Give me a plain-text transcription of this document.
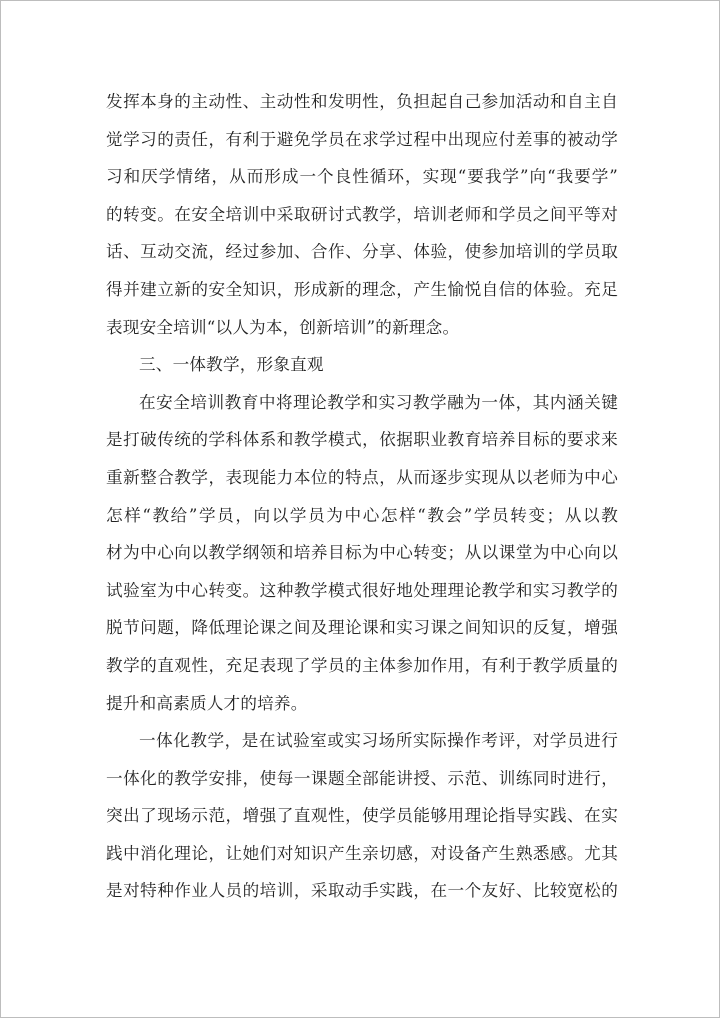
发挥本身的主动性、主动性和发明性，负担起自己参加活动和自主自
觉学习的责任，有利于避免学员在求学过程中出现应付差事的被动学
习和厌学情绪，从而形成一个良性循环，实现“要我学”向“我要学”
的转变。在安全培训中采取研讨式教学，培训老师和学员之间平等对
话、互动交流，经过参加、合作、分享、体验，使参加培训的学员取
得并建立新的安全知识，形成新的理念，产生愉悦自信的体验。充足
表现安全培训“以人为本，创新培训”的新理念。

三、一体教学，形象直观

在安全培训教育中将理论教学和实习教学融为一体，其内涵关键
是打破传统的学科体系和教学模式，依据职业教育培养目标的要求来
重新整合教学，表现能力本位的特点，从而逐步实现从以老师为中心
怎样“教给”学员，向以学员为中心怎样“教会”学员转变；从以教
材为中心向以教学纲领和培养目标为中心转变；从以课堂为中心向以
试验室为中心转变。这种教学模式很好地处理理论教学和实习教学的
脱节问题，降低理论课之间及理论课和实习课之间知识的反复，增强
教学的直观性，充足表现了学员的主体参加作用，有利于教学质量的
提升和高素质人才的培养。

一体化教学，是在试验室或实习场所实际操作考评，对学员进行
一体化的教学安排，使每一课题全部能讲授、示范、训练同时进行，
突出了现场示范，增强了直观性，使学员能够用理论指导实践、在实
践中消化理论，让她们对知识产生亲切感，对设备产生熟悉感。尤其
是对特种作业人员的培训，采取动手实践，在一个友好、比较宽松的
